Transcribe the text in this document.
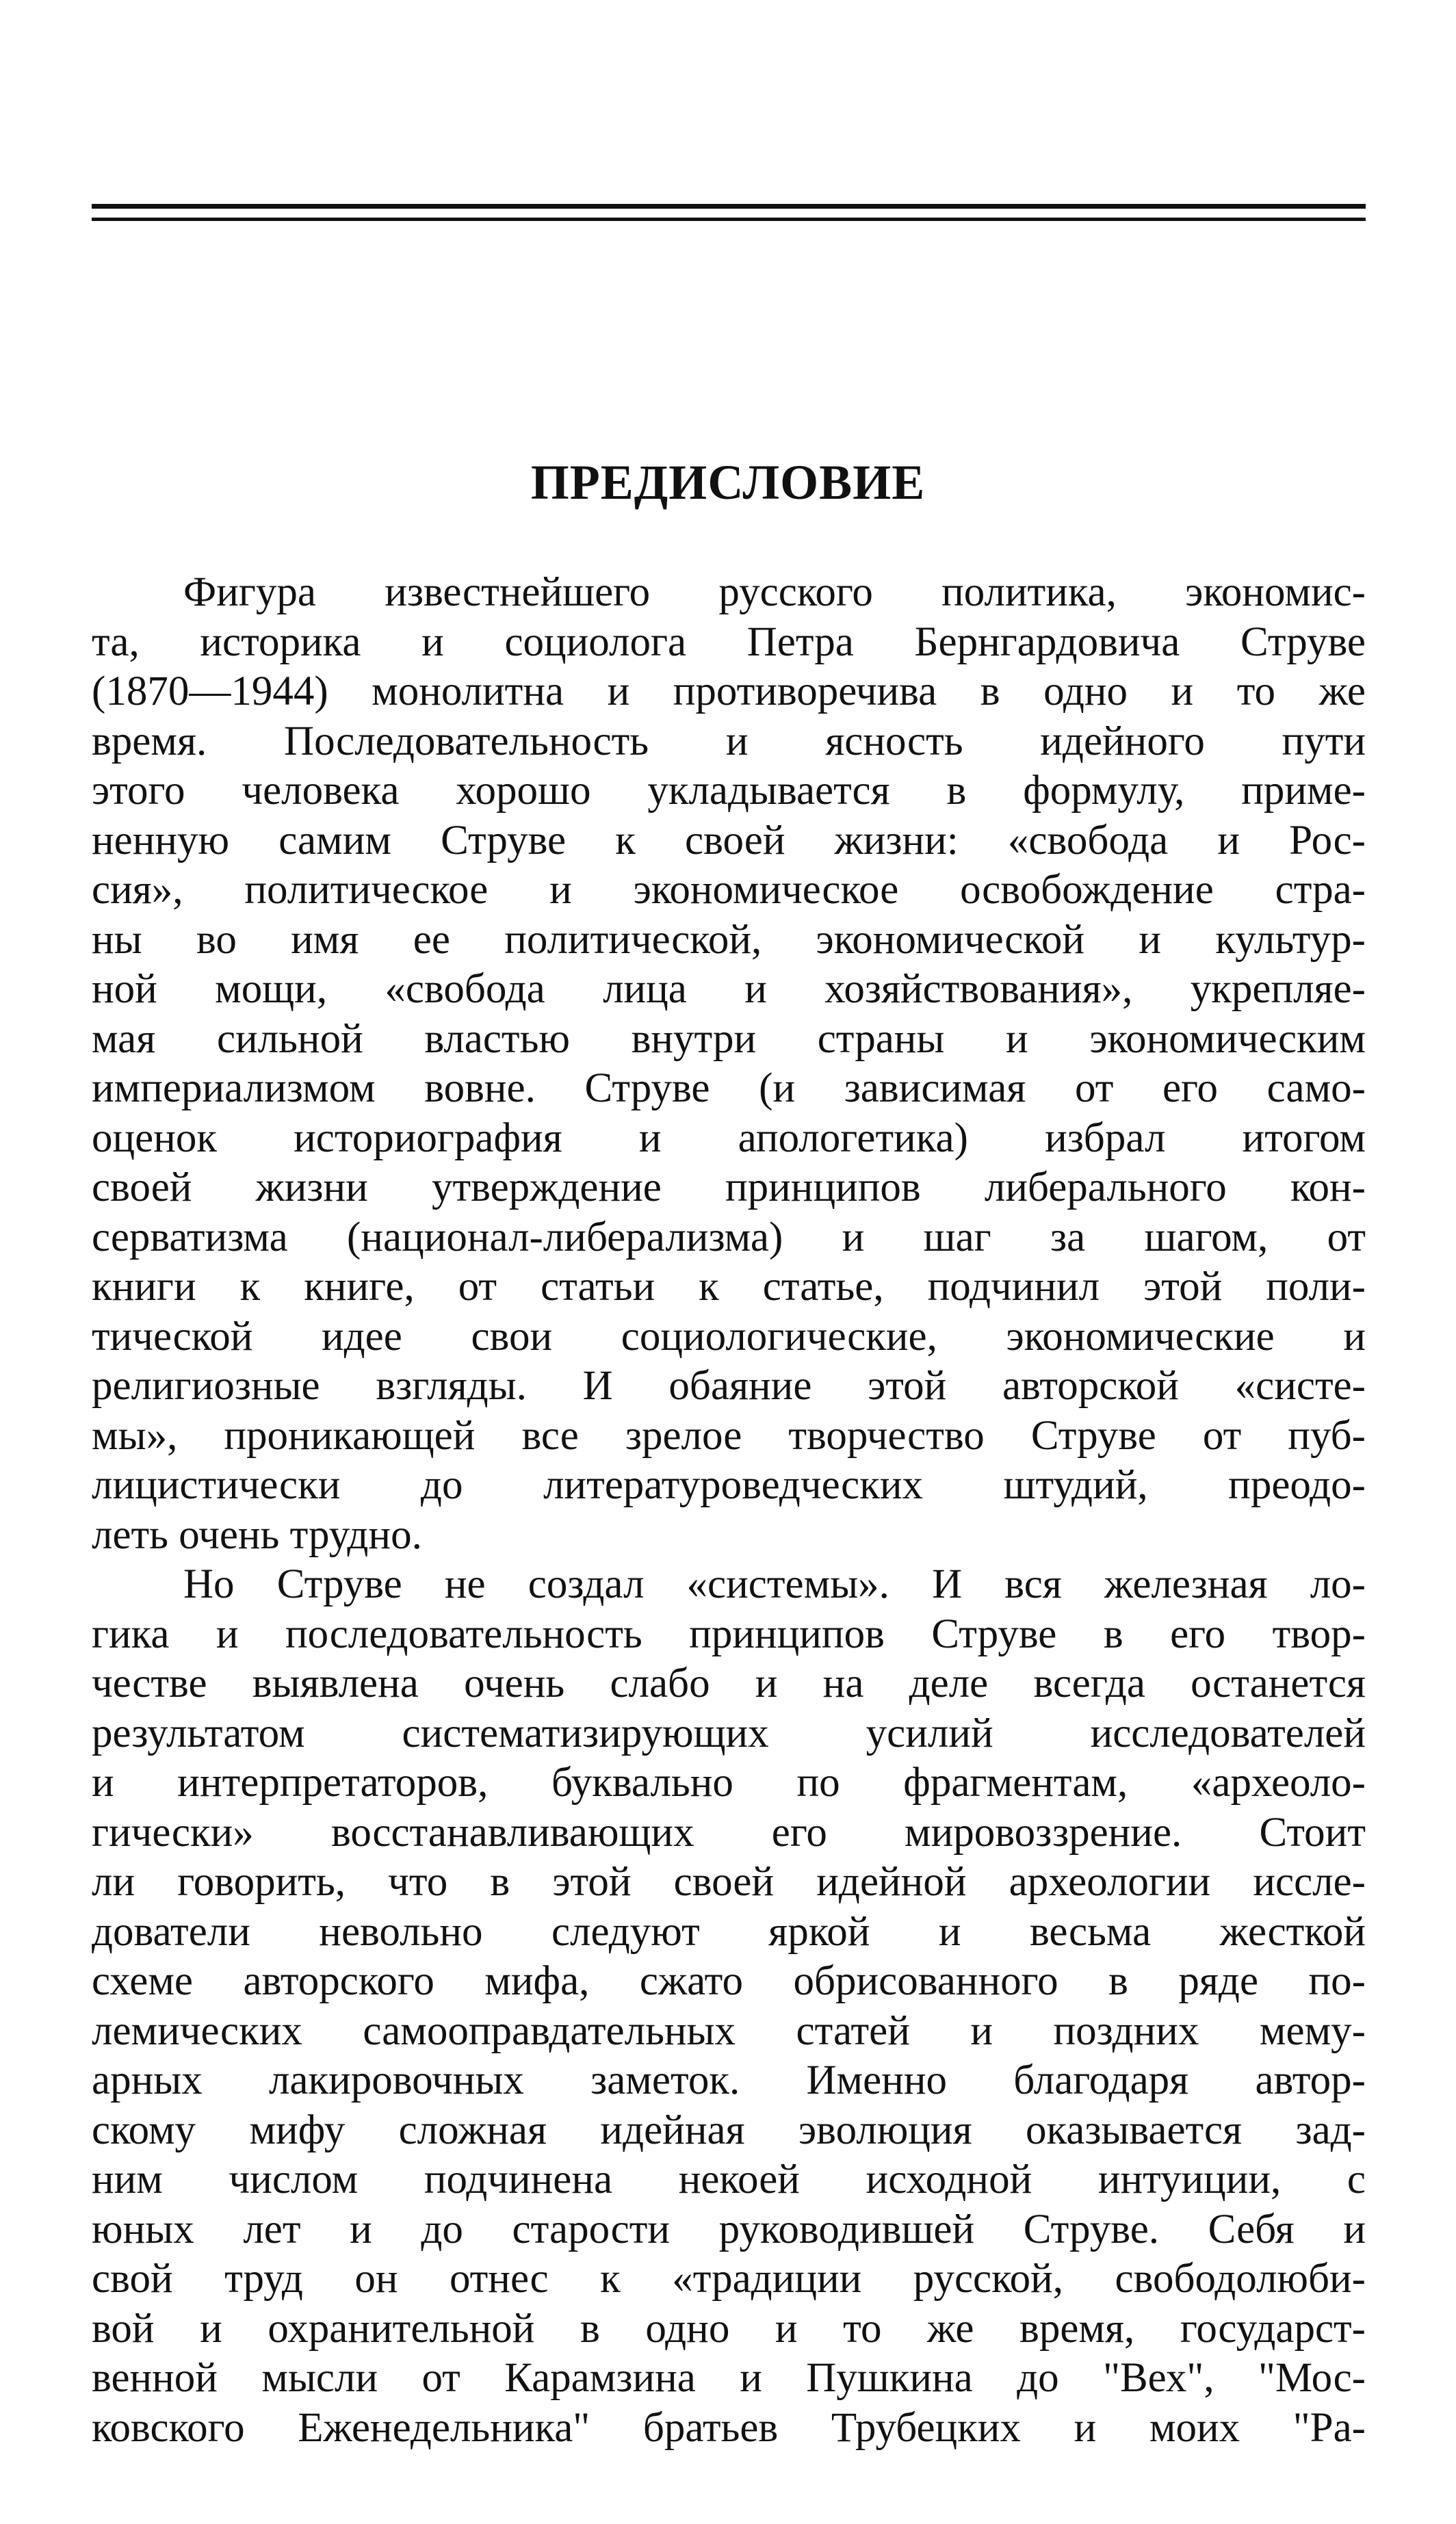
ПРЕДИСЛОВИЕ
Фигура известнейшего русского политика, экономис-
та, историка и социолога Петра Бернгардовича Струве
(1870—1944) монолитна и противоречива в одно и то же
время. Последовательность и ясность идейного пути
этого человека хорошо укладывается в формулу, приме-
ненную самим Струве к своей жизни: «свобода и Рос-
сия», политическое и экономическое освобождение стра-
ны во имя ее политической, экономической и культур-
ной мощи, «свобода лица и хозяйствования», укрепляе-
мая сильной властью внутри страны и экономическим
империализмом вовне. Струве (и зависимая от его само-
оценок историография и апологетика) избрал итогом
своей жизни утверждение принципов либерального кон-
серватизма (национал-либерализма) и шаг за шагом, от
книги к книге, от статьи к статье, подчинил этой поли-
тической идее свои социологические, экономические и
религиозные взгляды. И обаяние этой авторской «систе-
мы», проникающей все зрелое творчество Струве от пуб-
лицистически до литературоведческих штудий, преодо-
леть очень трудно.
Но Струве не создал «системы». И вся железная ло-
гика и последовательность принципов Струве в его твор-
честве выявлена очень слабо и на деле всегда останется
результатом систематизирующих усилий исследователей
и интерпретаторов, буквально по фрагментам, «археоло-
гически» восстанавливающих его мировоззрение. Стоит
ли говорить, что в этой своей идейной археологии иссле-
дователи невольно следуют яркой и весьма жесткой
схеме авторского мифа, сжато обрисованного в ряде по-
лемических самооправдательных статей и поздних мему-
арных лакировочных заметок. Именно благодаря автор-
скому мифу сложная идейная эволюция оказывается зад-
ним числом подчинена некоей исходной интуиции, с
юных лет и до старости руководившей Струве. Себя и
свой труд он отнес к «традиции русской, свободолюби-
вой и охранительной в одно и то же время, государст-
венной мысли от Карамзина и Пушкина до "Вех", "Мос-
ковского Еженедельника" братьев Трубецких и моих "Ра-
